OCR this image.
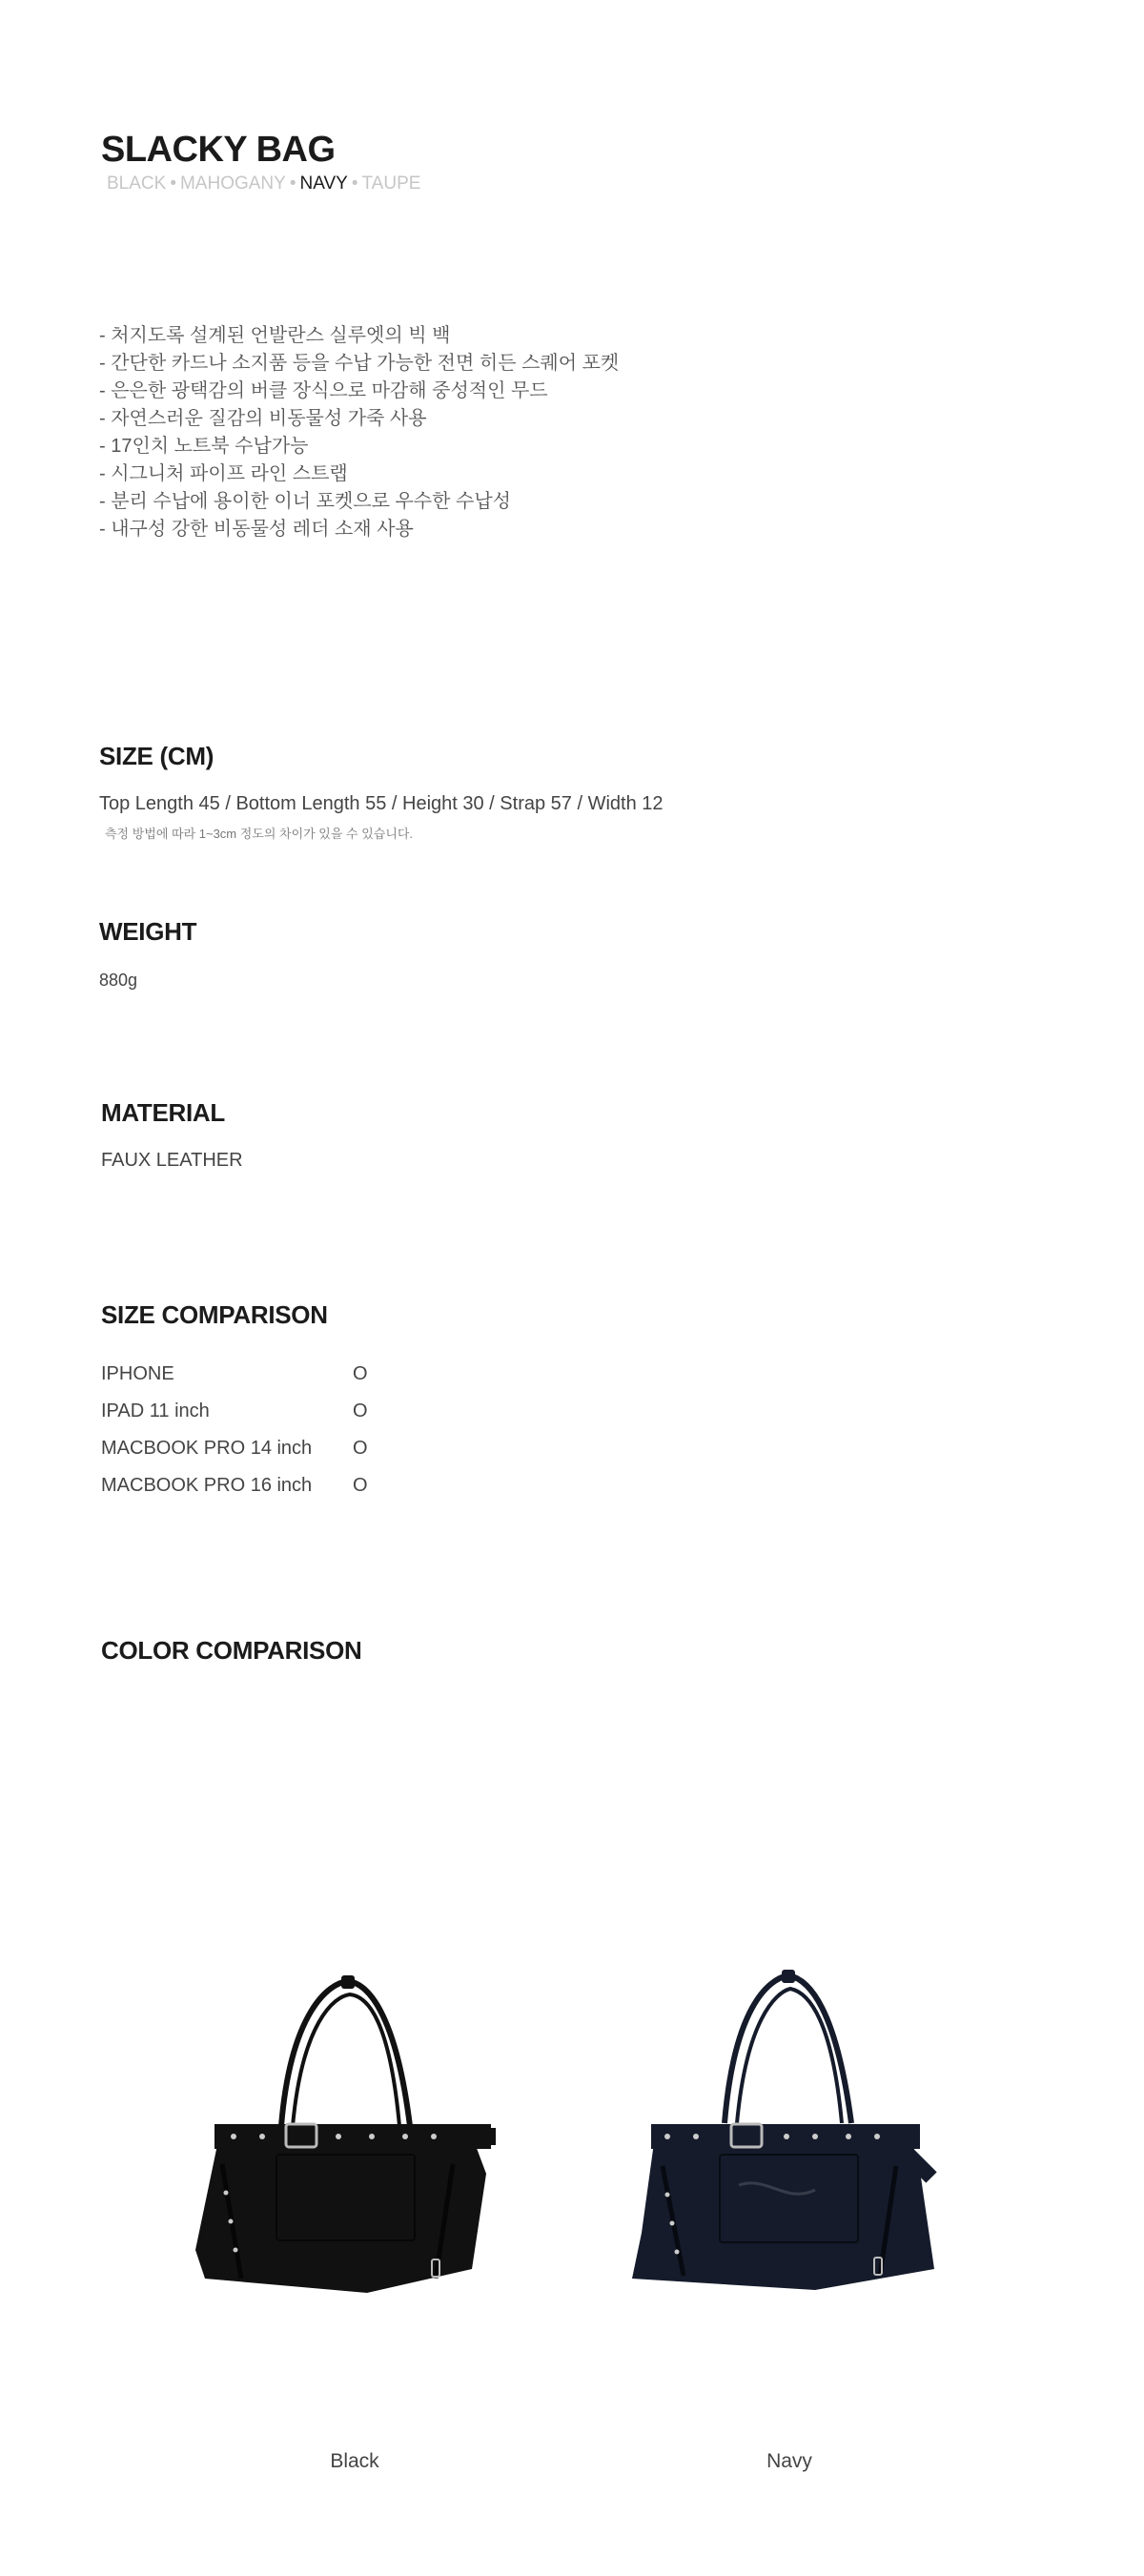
SLACKY BAG
BLACK • MAHOGANY • NAVY • TAUPE
- 처지도록 설계된 언발란스 실루엣의 빅 백
- 간단한 카드나 소지품 등을 수납 가능한 전면 히든 스퀘어 포켓
- 은은한 광택감의 버클 장식으로 마감해 중성적인 무드
- 자연스러운 질감의 비동물성 가죽 사용
- 17인치 노트북 수납가능
- 시그니처 파이프 라인 스트랩
- 분리 수납에 용이한 이너 포켓으로 우수한 수납성
- 내구성 강한 비동물성 레더 소재 사용
SIZE (CM)
Top Length 45 / Bottom Length 55 / Height 30 / Strap 57 / Width 12
측정 방법에 따라 1~3cm 정도의 차이가 있을 수 있습니다.
WEIGHT
880g
MATERIAL
FAUX LEATHER
SIZE COMPARISON
IPHONE	O
IPAD 11 inch	O
MACBOOK PRO 14 inch O
MACBOOK PRO 16 inch O
COLOR COMPARISON
Black	Navy
